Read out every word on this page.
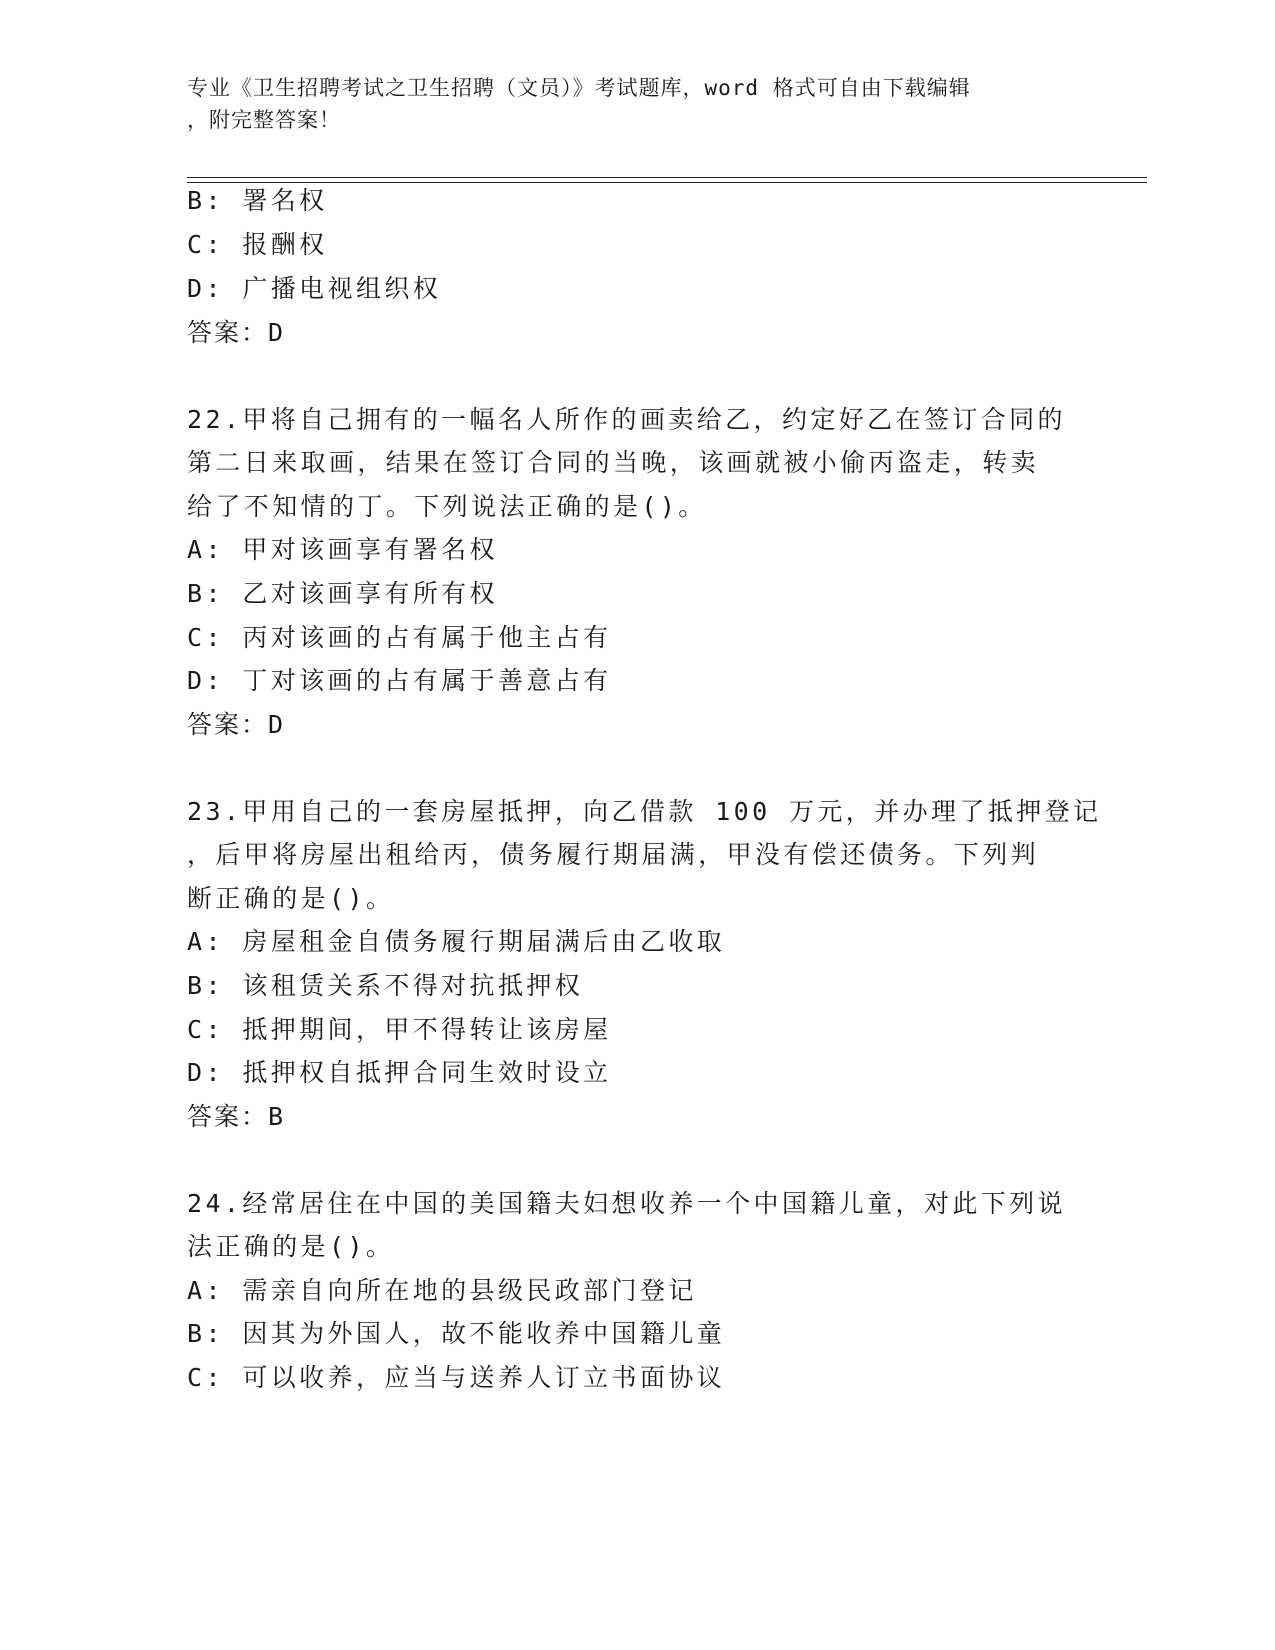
专业《卫生招聘考试之卫生招聘（文员）》考试题库，word 格式可自由下载编辑
，附完整答案！
B: 署名权
C: 报酬权
D: 广播电视组织权
答案：D
22.甲将自己拥有的一幅名人所作的画卖给乙，约定好乙在签订合同的
第二日来取画，结果在签订合同的当晚，该画就被小偷丙盗走，转卖
给了不知情的丁。下列说法正确的是()。
A: 甲对该画享有署名权
B: 乙对该画享有所有权
C: 丙对该画的占有属于他主占有
D: 丁对该画的占有属于善意占有
答案：D
23.甲用自己的一套房屋抵押，向乙借款 100 万元，并办理了抵押登记
，后甲将房屋出租给丙，债务履行期届满，甲没有偿还债务。下列判
断正确的是()。
A: 房屋租金自债务履行期届满后由乙收取
B: 该租赁关系不得对抗抵押权
C: 抵押期间，甲不得转让该房屋
D: 抵押权自抵押合同生效时设立
答案：B
24.经常居住在中国的美国籍夫妇想收养一个中国籍儿童，对此下列说
法正确的是()。
A: 需亲自向所在地的县级民政部门登记
B: 因其为外国人，故不能收养中国籍儿童
C: 可以收养，应当与送养人订立书面协议
